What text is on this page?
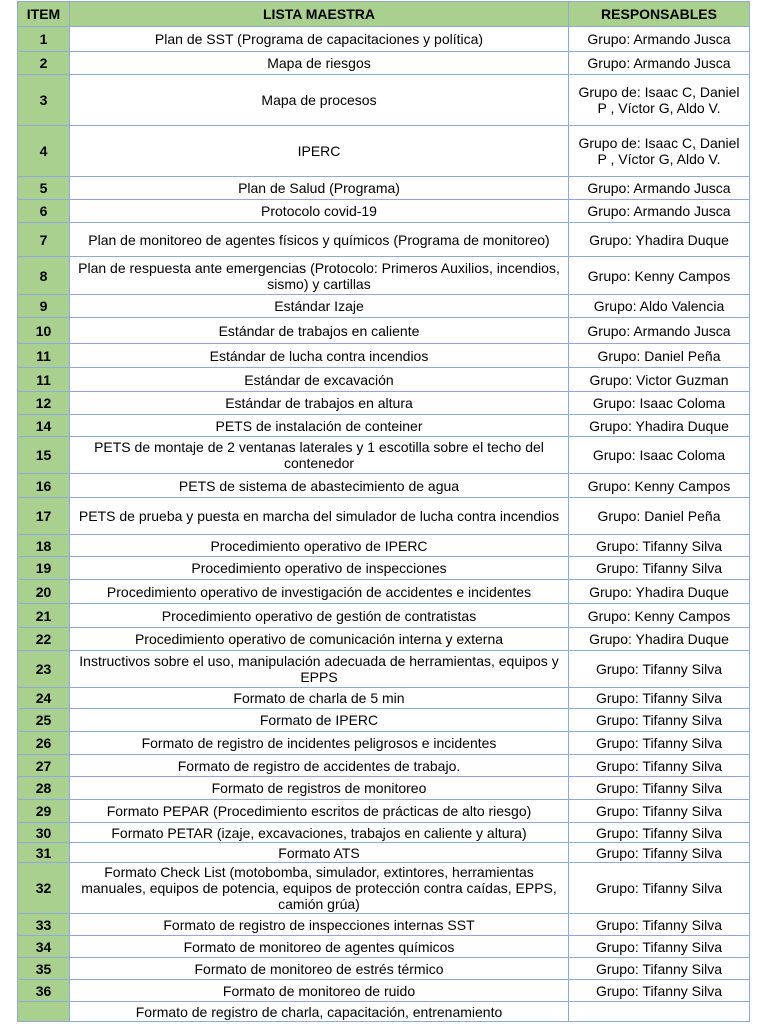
ITEM	LISTA MAESTRA	RESPONSABLES
1	Plan de SST (Programa de capacitaciones y política)	Grupo: Armando Jusca
2	Mapa de riesgos	Grupo: Armando Jusca
3	Mapa de procesos	Grupo de: Isaac C, Daniel P , Víctor G, Aldo V.
4	IPERC	Grupo de: Isaac C, Daniel P , Víctor G, Aldo V.
5	Plan de Salud (Programa)	Grupo: Armando Jusca
6	Protocolo covid-19	Grupo: Armando Jusca
7	Plan de monitoreo de agentes físicos y químicos (Programa de monitoreo)	Grupo: Yhadira Duque
8	Plan de respuesta ante emergencias (Protocolo: Primeros Auxilios, incendios, sismo) y cartillas	Grupo: Kenny Campos
9	Estándar Izaje	Grupo: Aldo Valencia
10	Estándar de trabajos en caliente	Grupo: Armando Jusca
11	Estándar de lucha contra incendios	Grupo: Daniel Peña
11	Estándar de excavación	Grupo: Victor Guzman
12	Estándar de trabajos en altura	Grupo: Isaac Coloma
14	PETS de instalación de conteiner	Grupo: Yhadira Duque
15	PETS de montaje de 2 ventanas laterales y 1 escotilla sobre el techo del contenedor	Grupo: Isaac Coloma
16	PETS de sistema de abastecimiento de agua	Grupo: Kenny Campos
17	PETS de prueba y puesta en marcha del simulador de lucha contra incendios	Grupo: Daniel Peña
18	Procedimiento operativo de IPERC	Grupo: Tifanny Silva
19	Procedimiento operativo de inspecciones	Grupo: Tifanny Silva
20	Procedimiento operativo de investigación de accidentes e incidentes	Grupo: Yhadira Duque
21	Procedimiento operativo de gestión de contratistas	Grupo: Kenny Campos
22	Procedimiento operativo de comunicación interna y externa	Grupo: Yhadira Duque
23	Instructivos sobre el uso, manipulación adecuada de herramientas, equipos y EPPS	Grupo: Tifanny Silva
24	Formato de charla de 5 min	Grupo: Tifanny Silva
25	Formato de IPERC	Grupo: Tifanny Silva
26	Formato de registro de incidentes peligrosos e incidentes	Grupo: Tifanny Silva
27	Formato de registro de accidentes de trabajo.	Grupo: Tifanny Silva
28	Formato de registros de monitoreo	Grupo: Tifanny Silva
29	Formato PEPAR (Procedimiento escritos de prácticas de alto riesgo)	Grupo: Tifanny Silva
30	Formato PETAR (izaje, excavaciones, trabajos en caliente y altura)	Grupo: Tifanny Silva
31	Formato ATS	Grupo: Tifanny Silva
32	Formato Check List (motobomba, simulador, extintores, herramientas manuales, equipos de potencia, equipos de protección contra caídas, EPPS, camión grúa)	Grupo: Tifanny Silva
33	Formato de registro de inspecciones internas SST	Grupo: Tifanny Silva
34	Formato de monitoreo de agentes químicos	Grupo: Tifanny Silva
35	Formato de monitoreo de estrés térmico	Grupo: Tifanny Silva
36	Formato de monitoreo de ruido	Grupo: Tifanny Silva
	Formato de registro de charla, capacitación, entrenamiento	
